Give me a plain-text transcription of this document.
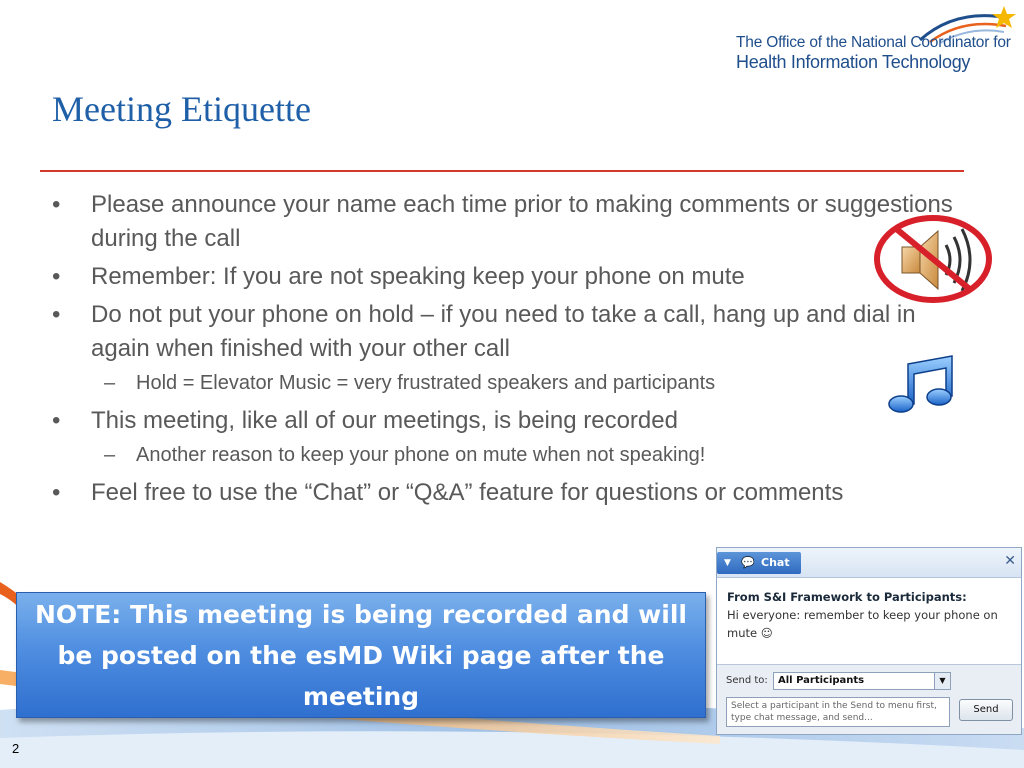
The Office of the National Coordinator for
Health Information Technology
Meeting Etiquette
• Please announce your name each time prior to making comments or suggestions during the call
• Remember: If you are not speaking keep your phone on mute
• Do not put your phone on hold – if you need to take a call, hang up and dial in again when finished with your other call
– Hold = Elevator Music = very frustrated speakers and participants
• This meeting, like all of our meetings, is being recorded
– Another reason to keep your phone on mute when not speaking!
• Feel free to use the “Chat” or “Q&A” feature for questions or comments
NOTE: This meeting is being recorded and will be posted on the esMD Wiki page after the meeting
▼ 💬 Chat	✕
From S&I Framework to Participants:
Hi everyone: remember to keep your phone on mute ☺
Send to:	All Participants	▼
Select a participant in the Send to menu first, type chat message, and send...
Send
2
